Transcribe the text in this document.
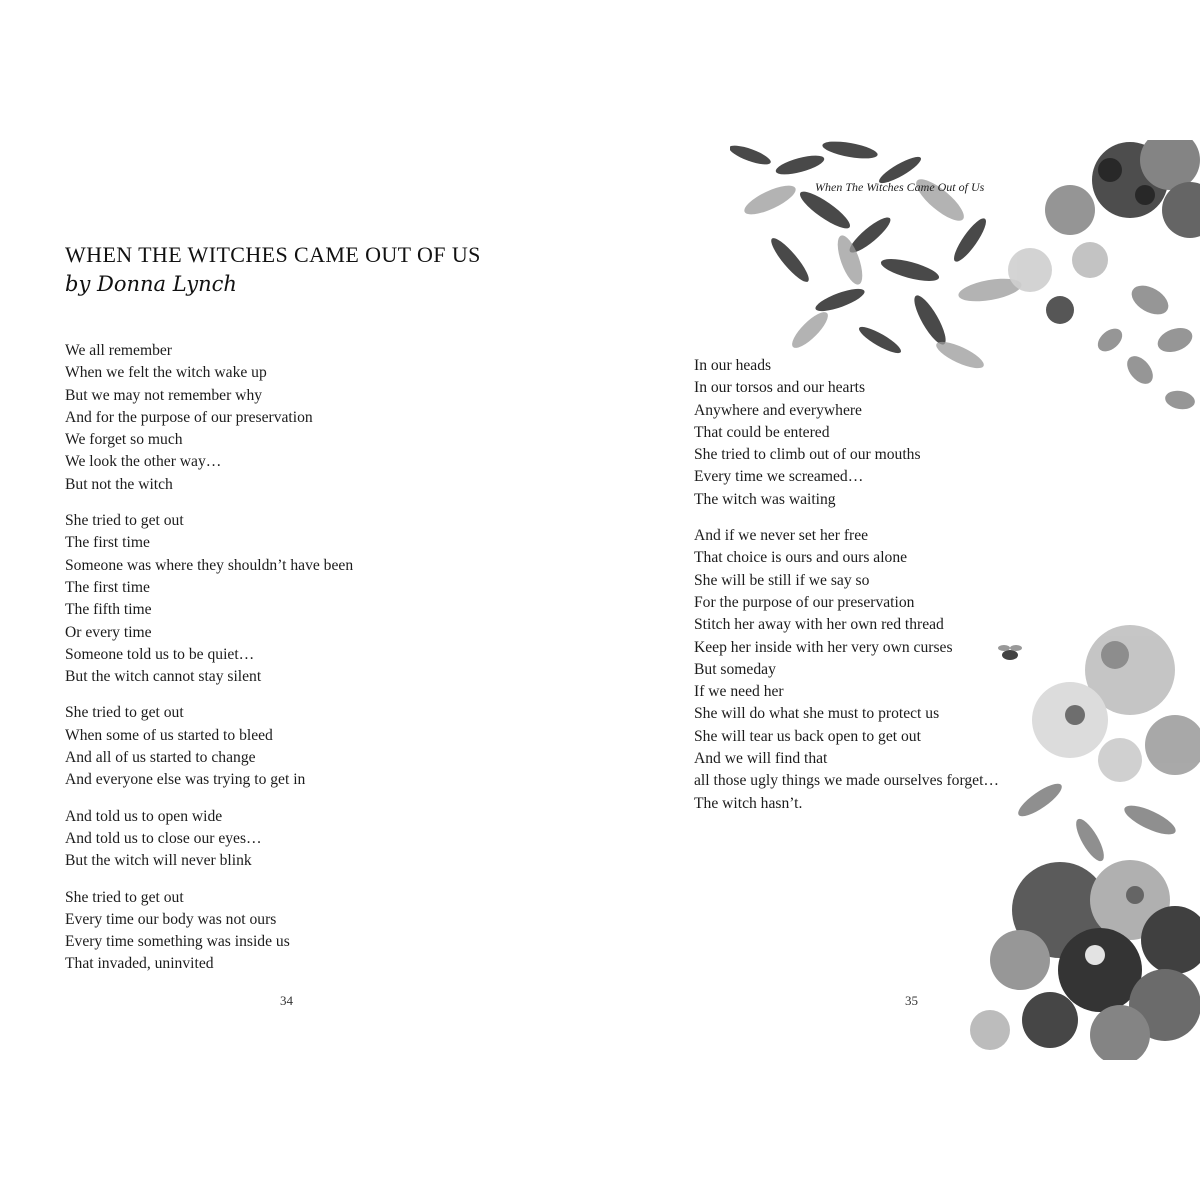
WHEN THE WITCHES CAME OUT OF US
by Donna Lynch
We all remember
When we felt the witch wake up
But we may not remember why
And for the purpose of our preservation
We forget so much
We look the other way…
But not the witch
She tried to get out
The first time
Someone was where they shouldn’t have been
The first time
The fifth time
Or every time
Someone told us to be quiet…
But the witch cannot stay silent
She tried to get out
When some of us started to bleed
And all of us started to change
And everyone else was trying to get in
And told us to open wide
And told us to close our eyes…
But the witch will never blink
She tried to get out
Every time our body was not ours
Every time something was inside us
That invaded, uninvited
34
When The Witches Came Out of Us
In our heads
In our torsos and our hearts
Anywhere and everywhere
That could be entered
She tried to climb out of our mouths
Every time we screamed…
The witch was waiting
And if we never set her free
That choice is ours and ours alone
She will be still if we say so
For the purpose of our preservation
Stitch her away with her own red thread
Keep her inside with her very own curses
But someday
If we need her
She will do what she must to protect us
She will tear us back open to get out
And we will find that
all those ugly things we made ourselves forget…
The witch hasn’t.
35
